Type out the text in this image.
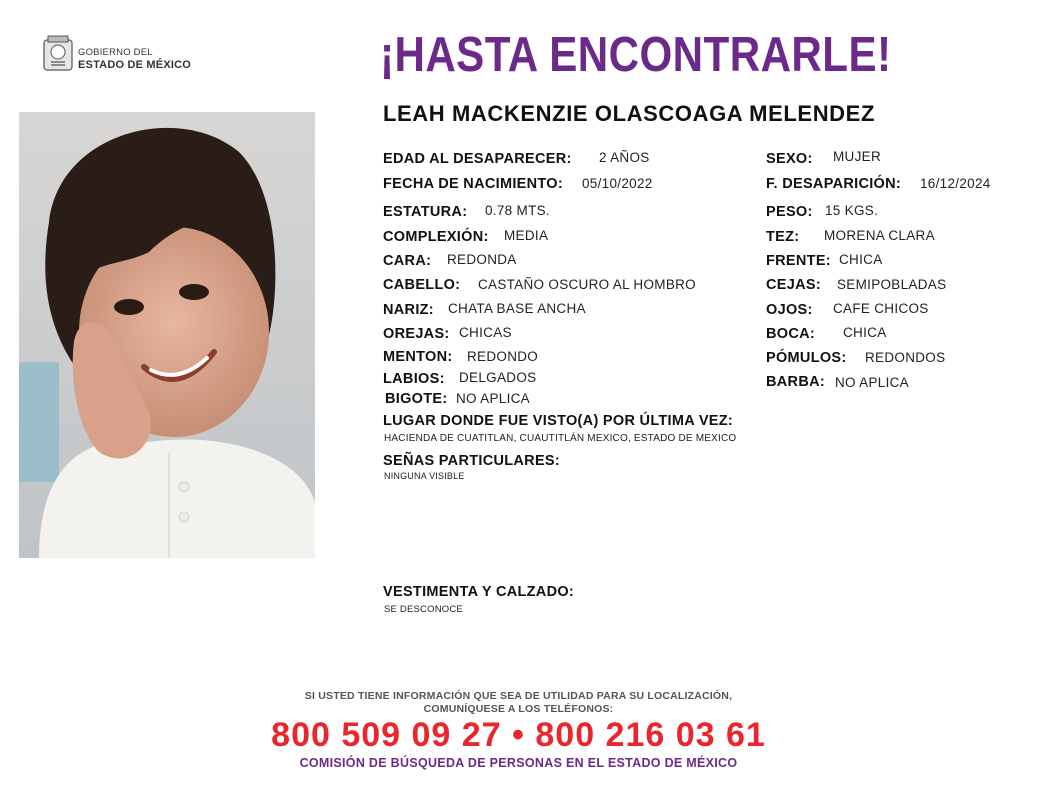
GOBIERNO DEL
ESTADO DE MÉXICO	¡HASTA ENCONTRARLE!
LEAH MACKENZIE OLASCOAGA MELENDEZ
EDAD AL DESAPARECER: 2 AÑOS
FECHA DE NACIMIENTO: 05/10/2022
ESTATURA: 0.78 MTS.
COMPLEXIÓN: MEDIA
CARA: REDONDA
CABELLO: CASTAÑO OSCURO AL HOMBRO
NARIZ: CHATA BASE ANCHA
OREJAS: CHICAS
MENTON: REDONDO
LABIOS: DELGADOS
BIGOTE: NO APLICA
SEXO: MUJER
F. DESAPARICIÓN: 16/12/2024
PESO: 15 KGS.
TEZ: MORENA CLARA
FRENTE: CHICA
CEJAS: SEMIPOBLADAS
OJOS: CAFE CHICOS
BOCA: CHICA
PÓMULOS: REDONDOS
BARBA: NO APLICA
LUGAR DONDE FUE VISTO(A) POR ÚLTIMA VEZ:
HACIENDA DE CUATITLAN, CUAUTITLÁN MEXICO, ESTADO DE MEXICO
SEÑAS PARTICULARES:
NINGUNA VISIBLE
VESTIMENTA Y CALZADO:
SE DESCONOCE
SI USTED TIENE INFORMACIÓN QUE SEA DE UTILIDAD PARA SU LOCALIZACIÓN,
COMUNÍQUESE A LOS TELÉFONOS:
800 509 09 27 • 800 216 03 61
COMISIÓN DE BÚSQUEDA DE PERSONAS EN EL ESTADO DE MÉXICO
